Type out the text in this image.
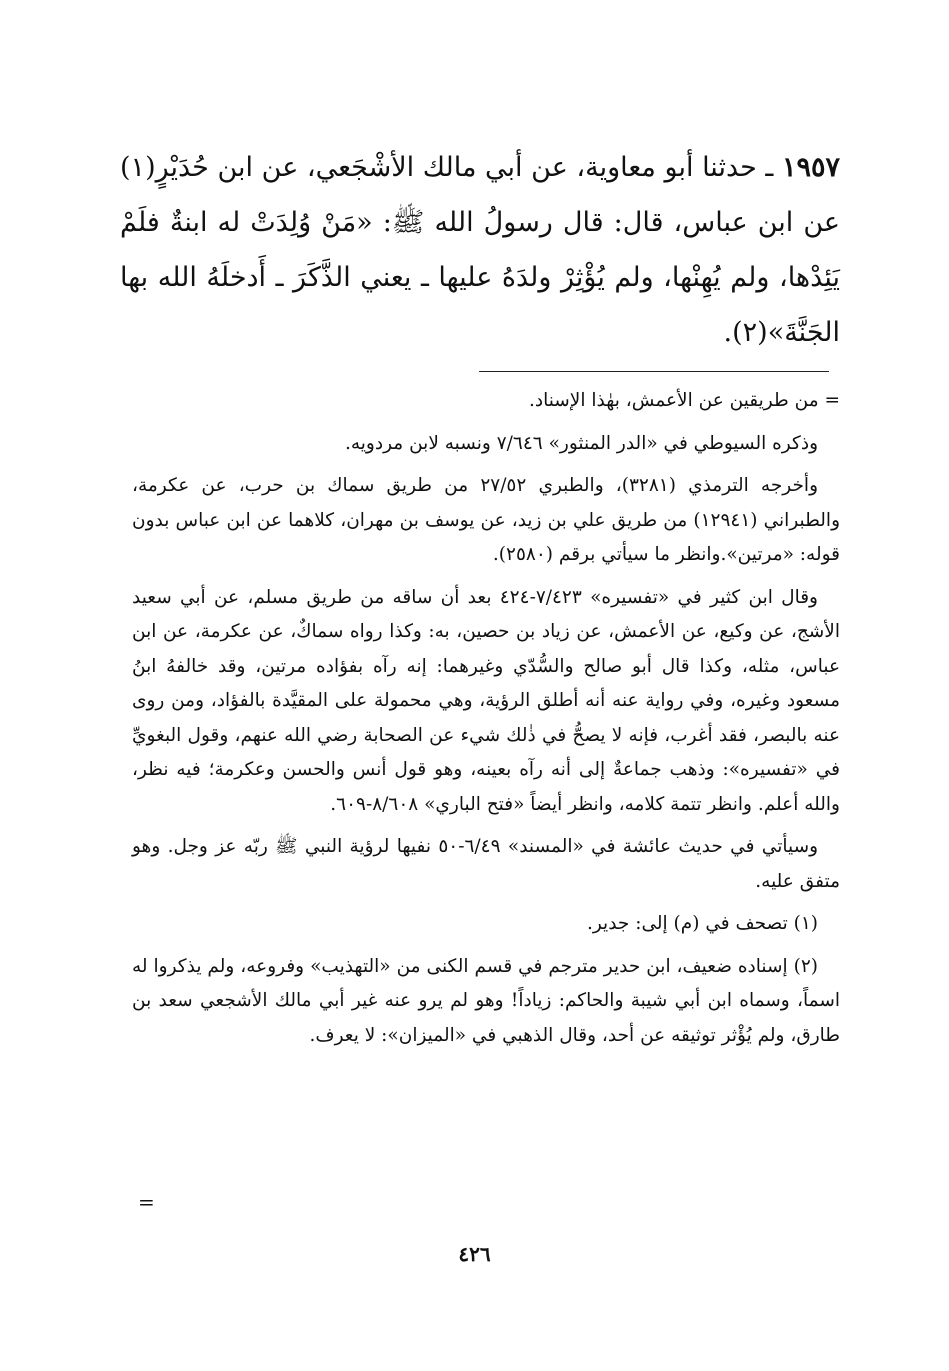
١٩٥٧ ـ حدثنا أبو معاوية، عن أبي مالك الأشْجَعي، عن ابن حُدَيْرٍ(١) عن ابن عباس، قال: قال رسولُ الله ﷺ: «مَنْ وُلِدَتْ له ابنةٌ فلَمْ يَئِدْها، ولم يُهِنْها، ولم يُؤْثِرْ ولدَهُ عليها ـ يعني الذَّكَرَ ـ أَدخلَهُ الله بها الجَنَّةَ»(٢).

= من طريقين عن الأعمش، بهٰذا الإسناد.

وذكره السيوطي في «الدر المنثور» ٧/٦٤٦ ونسبه لابن مردويه.

وأخرجه الترمذي (٣٢٨١)، والطبري ٢٧/٥٢ من طريق سماك بن حرب، عن عكرمة، والطبراني (١٢٩٤١) من طريق علي بن زيد، عن يوسف بن مهران، كلاهما عن ابن عباس بدون قوله: «مرتين».وانظر ما سيأتي برقم (٢٥٨٠).

وقال ابن كثير في «تفسيره» ٧/٤٢٣-٤٢٤ بعد أن ساقه من طريق مسلم، عن أبي سعيد الأشج، عن وكيع، عن الأعمش، عن زياد بن حصين، به: وكذا رواه سماكٌ، عن عكرمة، عن ابن عباس، مثله، وكذا قال أبو صالح والسُّدّي وغيرهما: إنه رآه بفؤاده مرتين، وقد خالفهُ ابنُ مسعود وغيره، وفي رواية عنه أنه أطلق الرؤية، وهي محمولة على المقيَّدة بالفؤاد، ومن روى عنه بالبصر، فقد أغرب، فإنه لا يصحُّ في ذٰلك شيء عن الصحابة رضي الله عنهم، وقول البغويِّ في «تفسيره»: وذهب جماعةٌ إلى أنه رآه بعينه، وهو قول أنس والحسن وعكرمة؛ فيه نظر، والله أعلم. وانظر تتمة كلامه، وانظر أيضاً «فتح الباري» ٨/٦٠٨-٦٠٩.

وسيأتي في حديث عائشة في «المسند» ٦/٤٩-٥٠ نفيها لرؤية النبي ﷺ ربّه عز وجل. وهو متفق عليه.

(١) تصحف في (م) إلى: جدير.

(٢) إسناده ضعيف، ابن حدير مترجم في قسم الكنى من «التهذيب» وفروعه، ولم يذكروا له اسماً، وسماه ابن أبي شيبة والحاكم: زياداً! وهو لم يرو عنه غير أبي مالك الأشجعي سعد بن طارق، ولم يُؤْثر توثيقه عن أحد، وقال الذهبي في «الميزان»: لا يعرف.

=
٤٢٦
